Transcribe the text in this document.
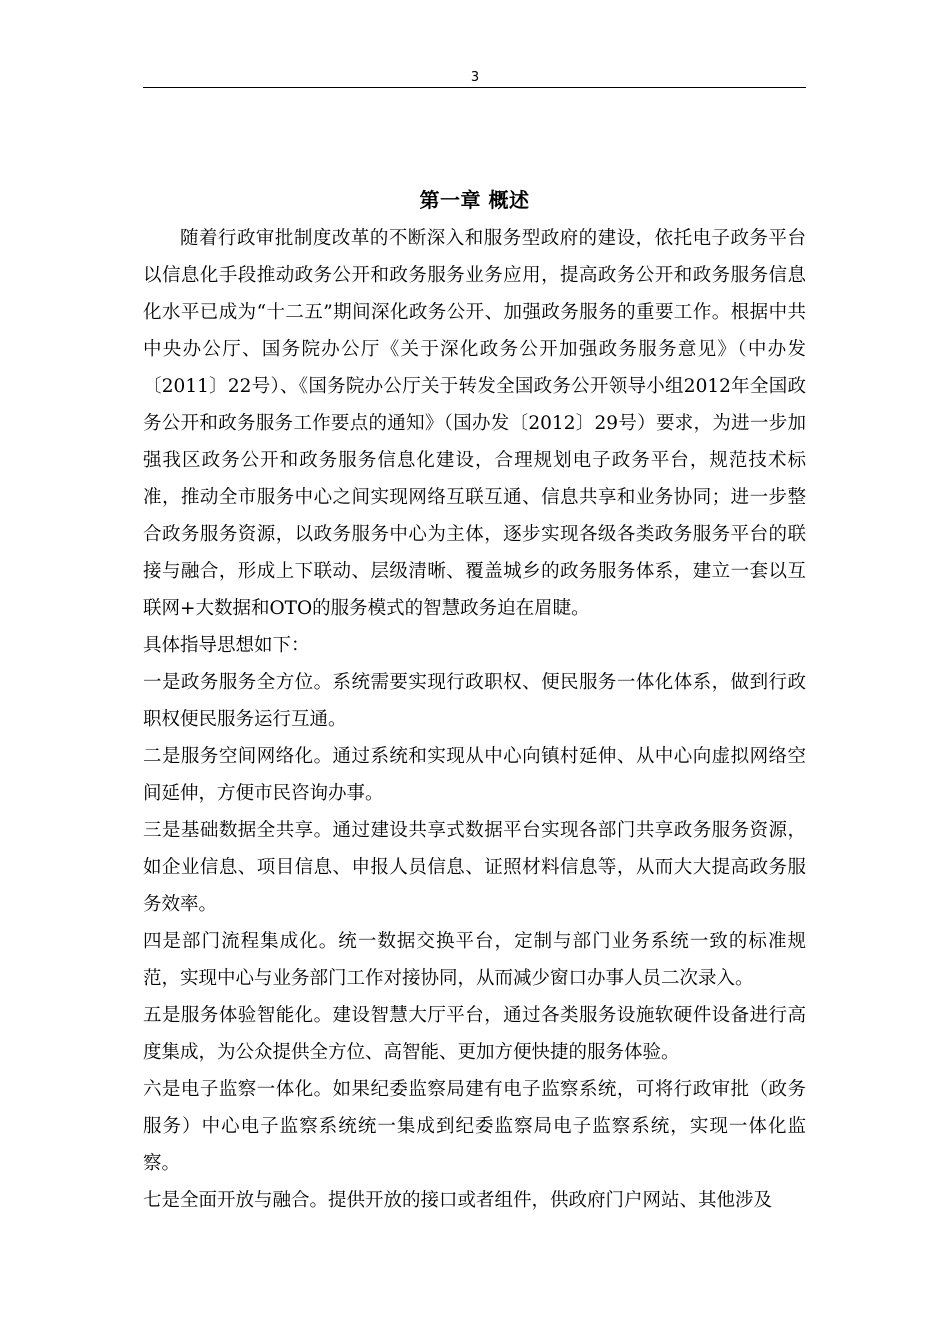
3
第一章 概述

随着行政审批制度改革的不断深入和服务型政府的建设，依托电子政务平台以信息化手段推动政务公开和政务服务业务应用，提高政务公开和政务服务信息化水平已成为“十二五”期间深化政务公开、加强政务服务的重要工作。根据中共中央办公厅、国务院办公厅《关于深化政务公开加强政务服务意见》（中办发〔2011〕22号）、《国务院办公厅关于转发全国政务公开领导小组2012年全国政务公开和政务服务工作要点的通知》（国办发〔2012〕29号）要求，为进一步加强我区政务公开和政务服务信息化建设，合理规划电子政务平台，规范技术标准，推动全市服务中心之间实现网络互联互通、信息共享和业务协同；进一步整合政务服务资源，以政务服务中心为主体，逐步实现各级各类政务服务平台的联接与融合，形成上下联动、层级清晰、覆盖城乡的政务服务体系，建立一套以互联网+大数据和OTO的服务模式的智慧政务迫在眉睫。

具体指导思想如下：

一是政务服务全方位。系统需要实现行政职权、便民服务一体化体系，做到行政职权便民服务运行互通。

二是服务空间网络化。通过系统和实现从中心向镇村延伸、从中心向虚拟网络空间延伸，方便市民咨询办事。

三是基础数据全共享。通过建设共享式数据平台实现各部门共享政务服务资源，如企业信息、项目信息、申报人员信息、证照材料信息等，从而大大提高政务服务效率。

四是部门流程集成化。统一数据交换平台，定制与部门业务系统一致的标准规范，实现中心与业务部门工作对接协同，从而减少窗口办事人员二次录入。

五是服务体验智能化。建设智慧大厅平台，通过各类服务设施软硬件设备进行高度集成，为公众提供全方位、高智能、更加方便快捷的服务体验。

六是电子监察一体化。如果纪委监察局建有电子监察系统，可将行政审批（政务服务）中心电子监察系统统一集成到纪委监察局电子监察系统，实现一体化监察。

七是全面开放与融合。提供开放的接口或者组件，供政府门户网站、其他涉及
